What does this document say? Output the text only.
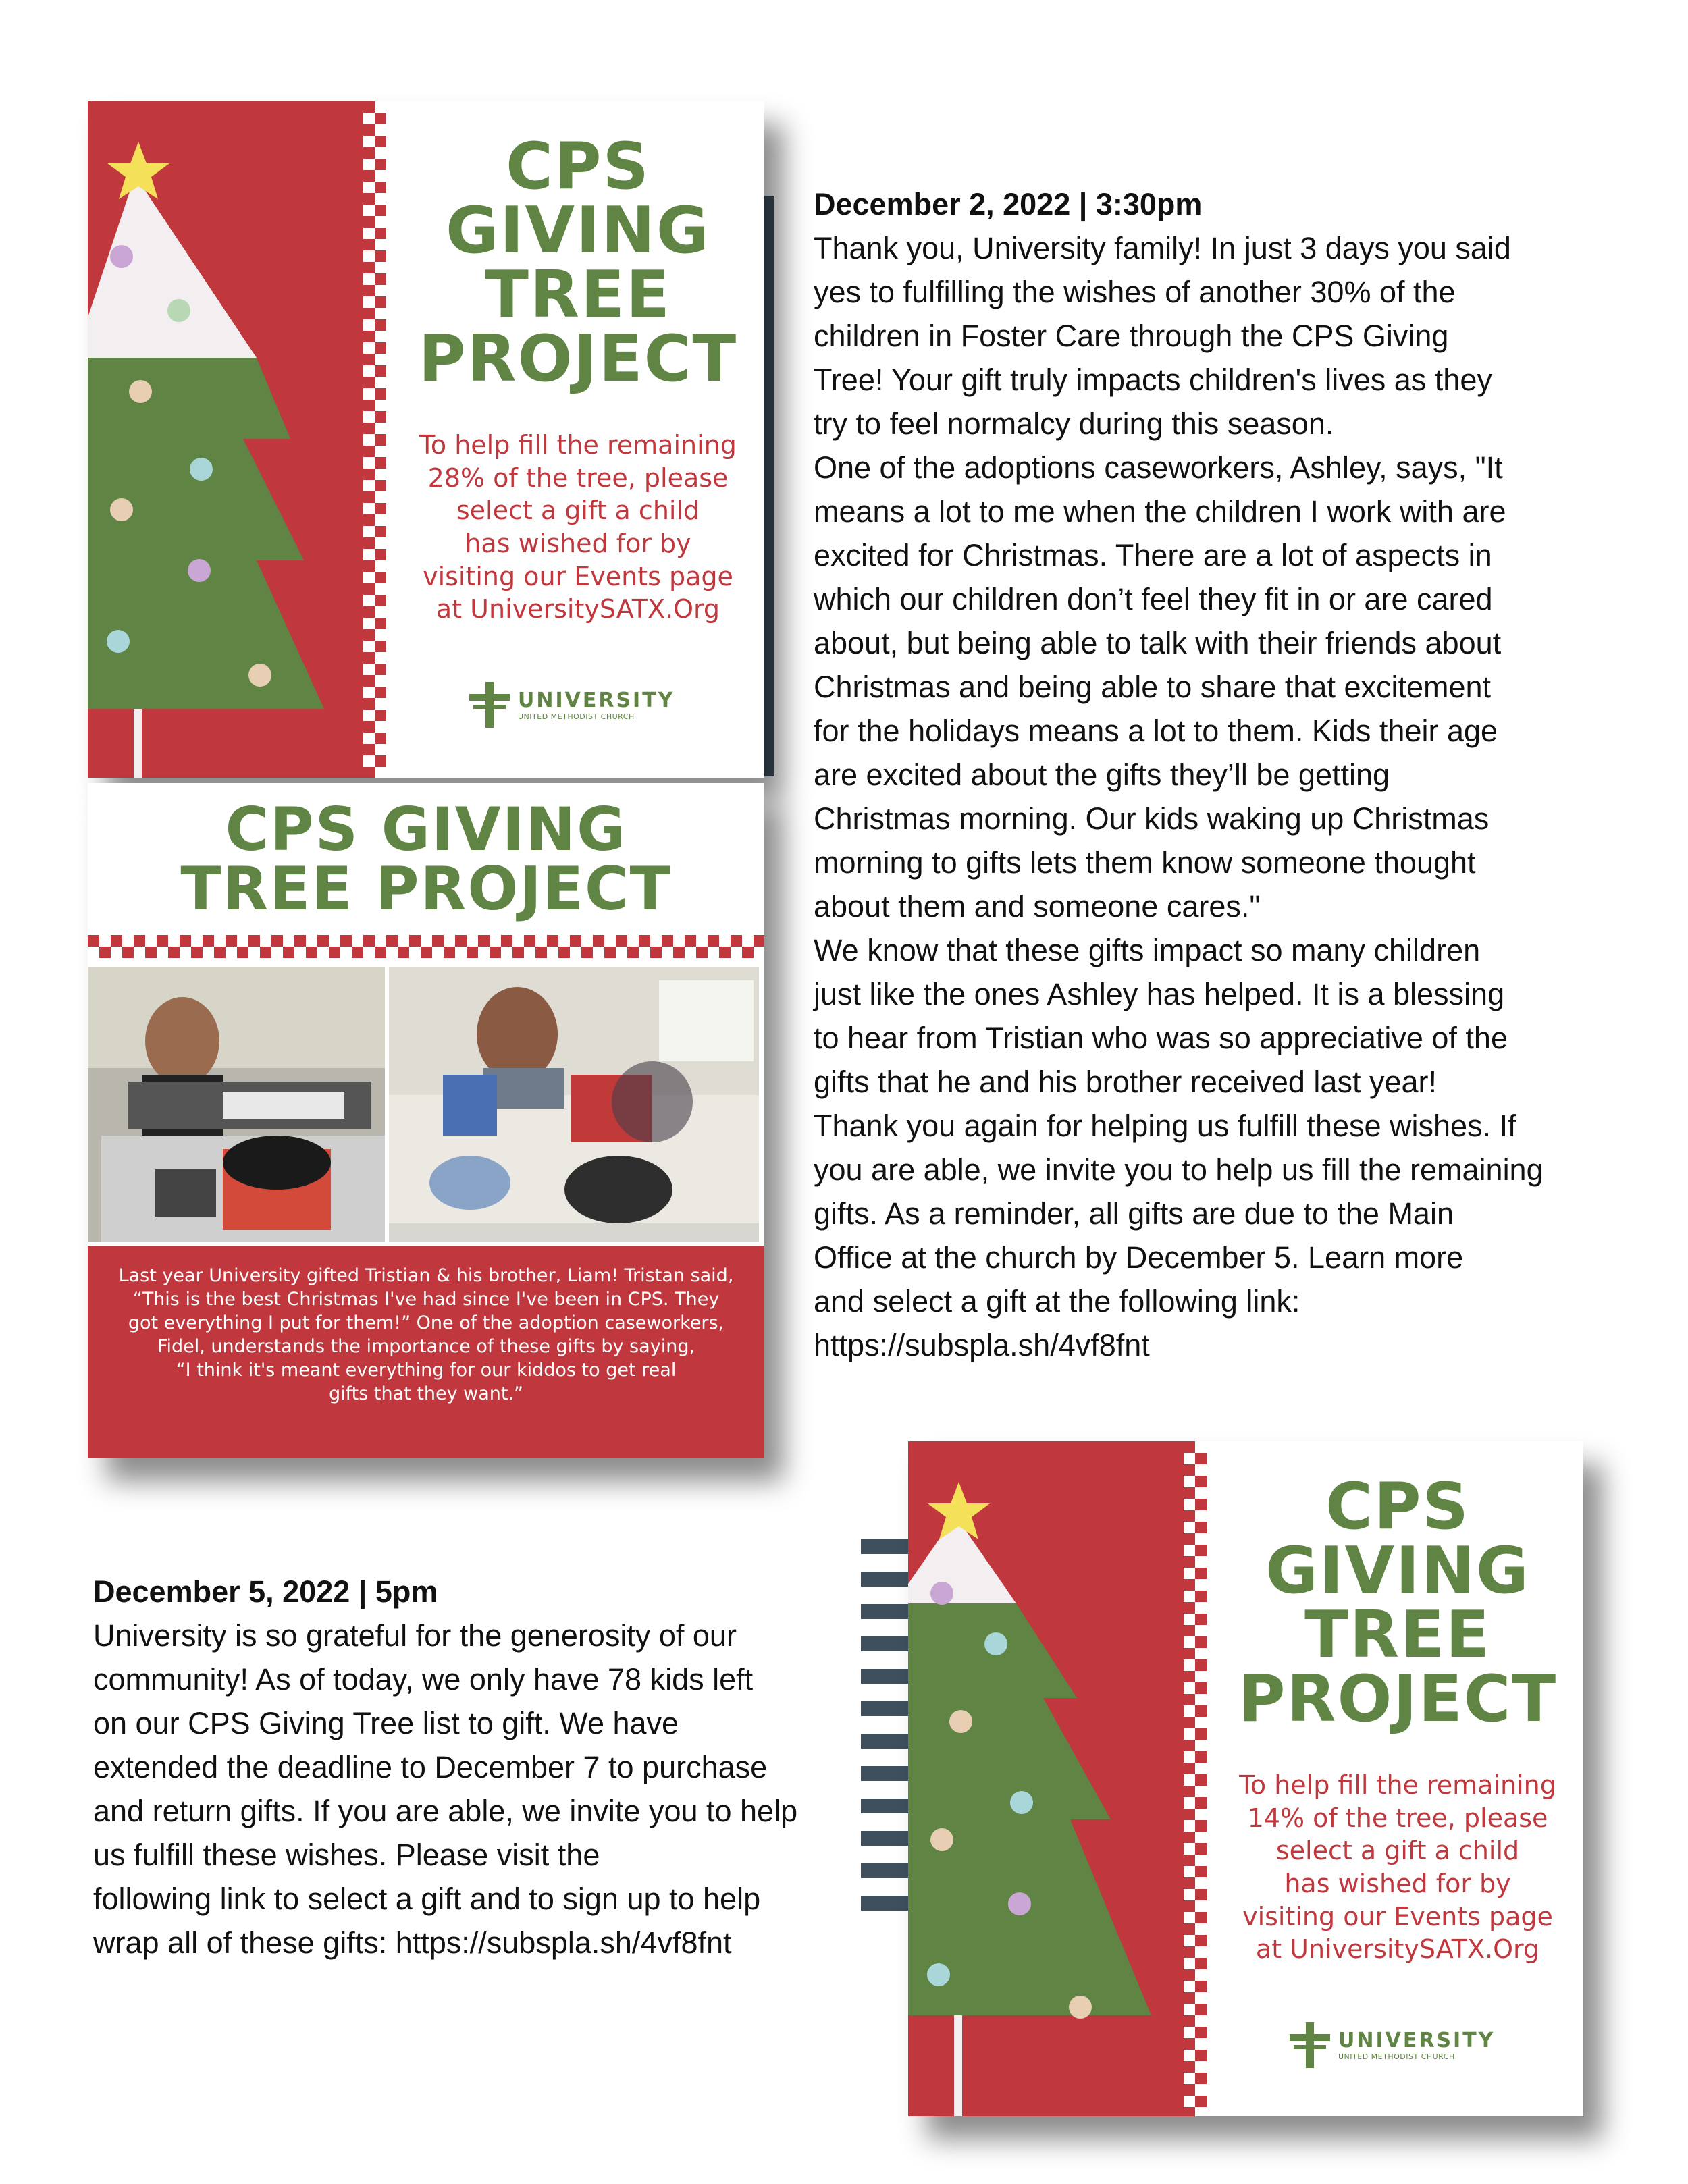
CPS
GIVING
TREE
PROJECT
To help fill the remaining
28% of the tree, please
select a gift a child
has wished for by
visiting our Events page
at UniversitySATX.Org
UNIVERSITY
UNITED METHODIST CHURCH
CPS GIVING
TREE PROJECT
Last year University gifted Tristian & his brother, Liam! Tristan said,
“This is the best Christmas I've had since I've been in CPS. They
got everything I put for them!” One of the adoption caseworkers,
Fidel, understands the importance of these gifts by saying,
“I think it's meant everything for our kiddos to get real
gifts that they want.”
CPS
GIVING
TREE
PROJECT
To help fill the remaining
14% of the tree, please
select a gift a child
has wished for by
visiting our Events page
at UniversitySATX.Org
UNIVERSITY
UNITED METHODIST CHURCH
December 2, 2022 | 3:30pm
Thank you, University family! In just 3 days you said
yes to fulfilling the wishes of another 30% of the
children in Foster Care through the CPS Giving
Tree! Your gift truly impacts children's lives as they
try to feel normalcy during this season.
One of the adoptions caseworkers, Ashley, says, "It
means a lot to me when the children I work with are
excited for Christmas. There are a lot of aspects in
which our children don’t feel they fit in or are cared
about, but being able to talk with their friends about
Christmas and being able to share that excitement
for the holidays means a lot to them. Kids their age
are excited about the gifts they’ll be getting
Christmas morning. Our kids waking up Christmas
morning to gifts lets them know someone thought
about them and someone cares."
We know that these gifts impact so many children
just like the ones Ashley has helped. It is a blessing
to hear from Tristian who was so appreciative of the
gifts that he and his brother received last year!
Thank you again for helping us fulfill these wishes. If
you are able, we invite you to help us fill the remaining
gifts. As a reminder, all gifts are due to the Main
Office at the church by December 5. Learn more
and select a gift at the following link:
https://subspla.sh/4vf8fnt
December 5, 2022 | 5pm
University is so grateful for the generosity of our
community! As of today, we only have 78 kids left
on our CPS Giving Tree list to gift. We have
extended the deadline to December 7 to purchase
and return gifts. If you are able, we invite you to help
us fulfill these wishes. Please visit the
following link to select a gift and to sign up to help
wrap all of these gifts: https://subspla.sh/4vf8fnt
